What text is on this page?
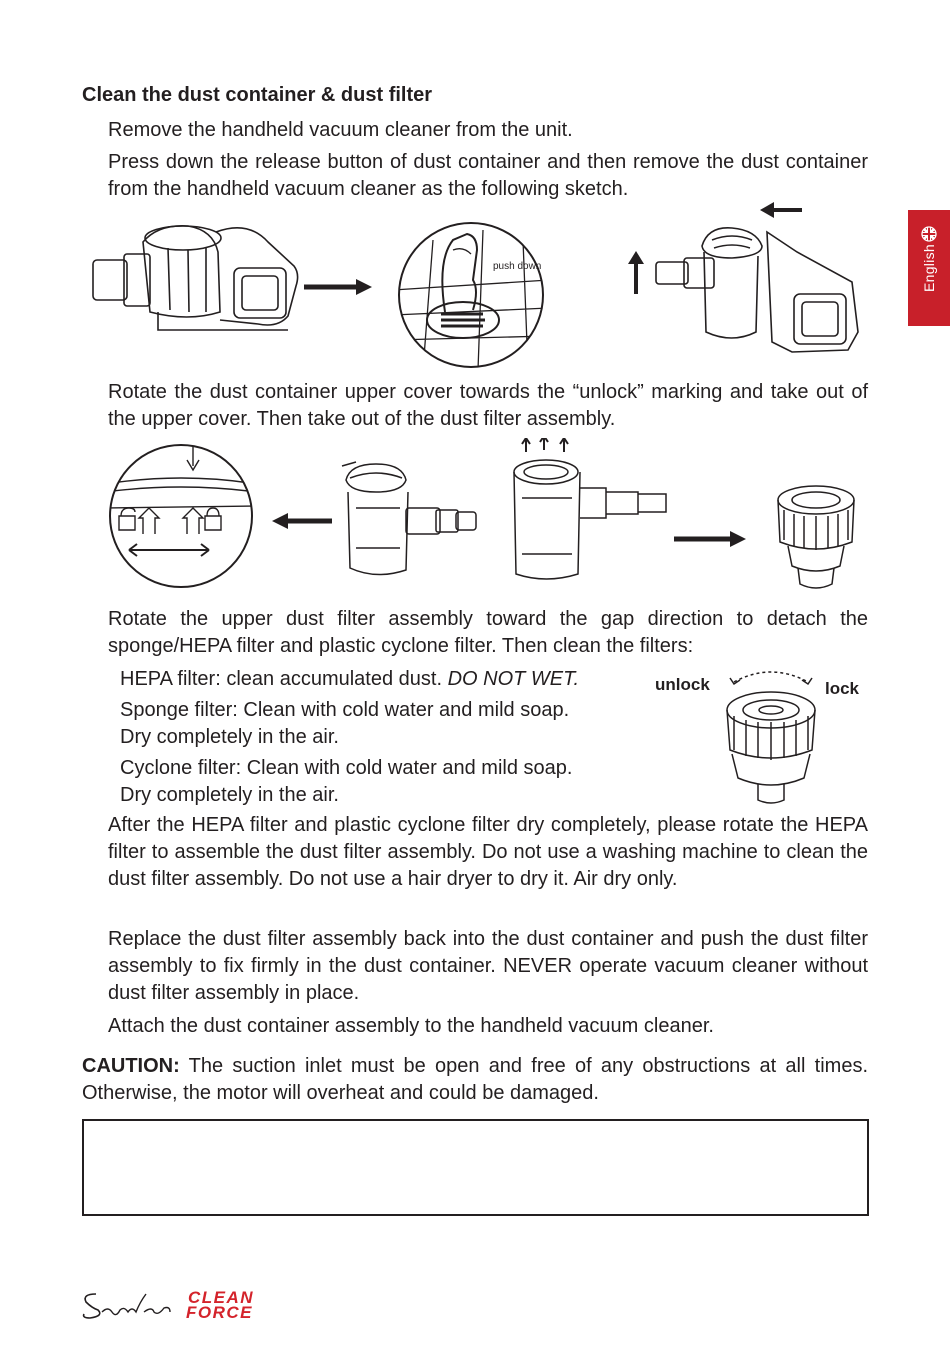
Clean the dust container & dust filter
Remove the handheld vacuum cleaner from the unit.
Press down the release button of dust container and then remove the dust container from the handheld vacuum cleaner as the following sketch.
push down
Rotate the dust container upper cover towards the “unlock” marking and take out of the upper cover. Then take out of the dust filter assembly.
Rotate the upper dust filter assembly toward the gap direction to detach the sponge/HEPA filter and plastic cyclone filter. Then clean the filters:
HEPA filter: clean accumulated dust. DO NOT WET.
Sponge filter: Clean with cold water and mild soap.
Dry completely in the air.
Cyclone filter: Clean with cold water and mild soap.
Dry completely in the air.
unlock	lock
After the HEPA filter and plastic cyclone filter dry completely, please rotate the HEPA filter to assemble the dust filter assembly. Do not use a washing machine to clean the dust filter assembly. Do not use a hair dryer to dry it. Air dry only.
Replace the dust filter assembly back into the dust container and push the dust filter assembly to fix firmly in the dust container. NEVER operate vacuum cleaner without dust filter assembly in place.
Attach the dust container assembly to the handheld vacuum cleaner.
CAUTION: The suction inlet must be open and free of any obstructions at all times. Otherwise, the motor will overheat and could be damaged.
English
CLEAN
FORCE
